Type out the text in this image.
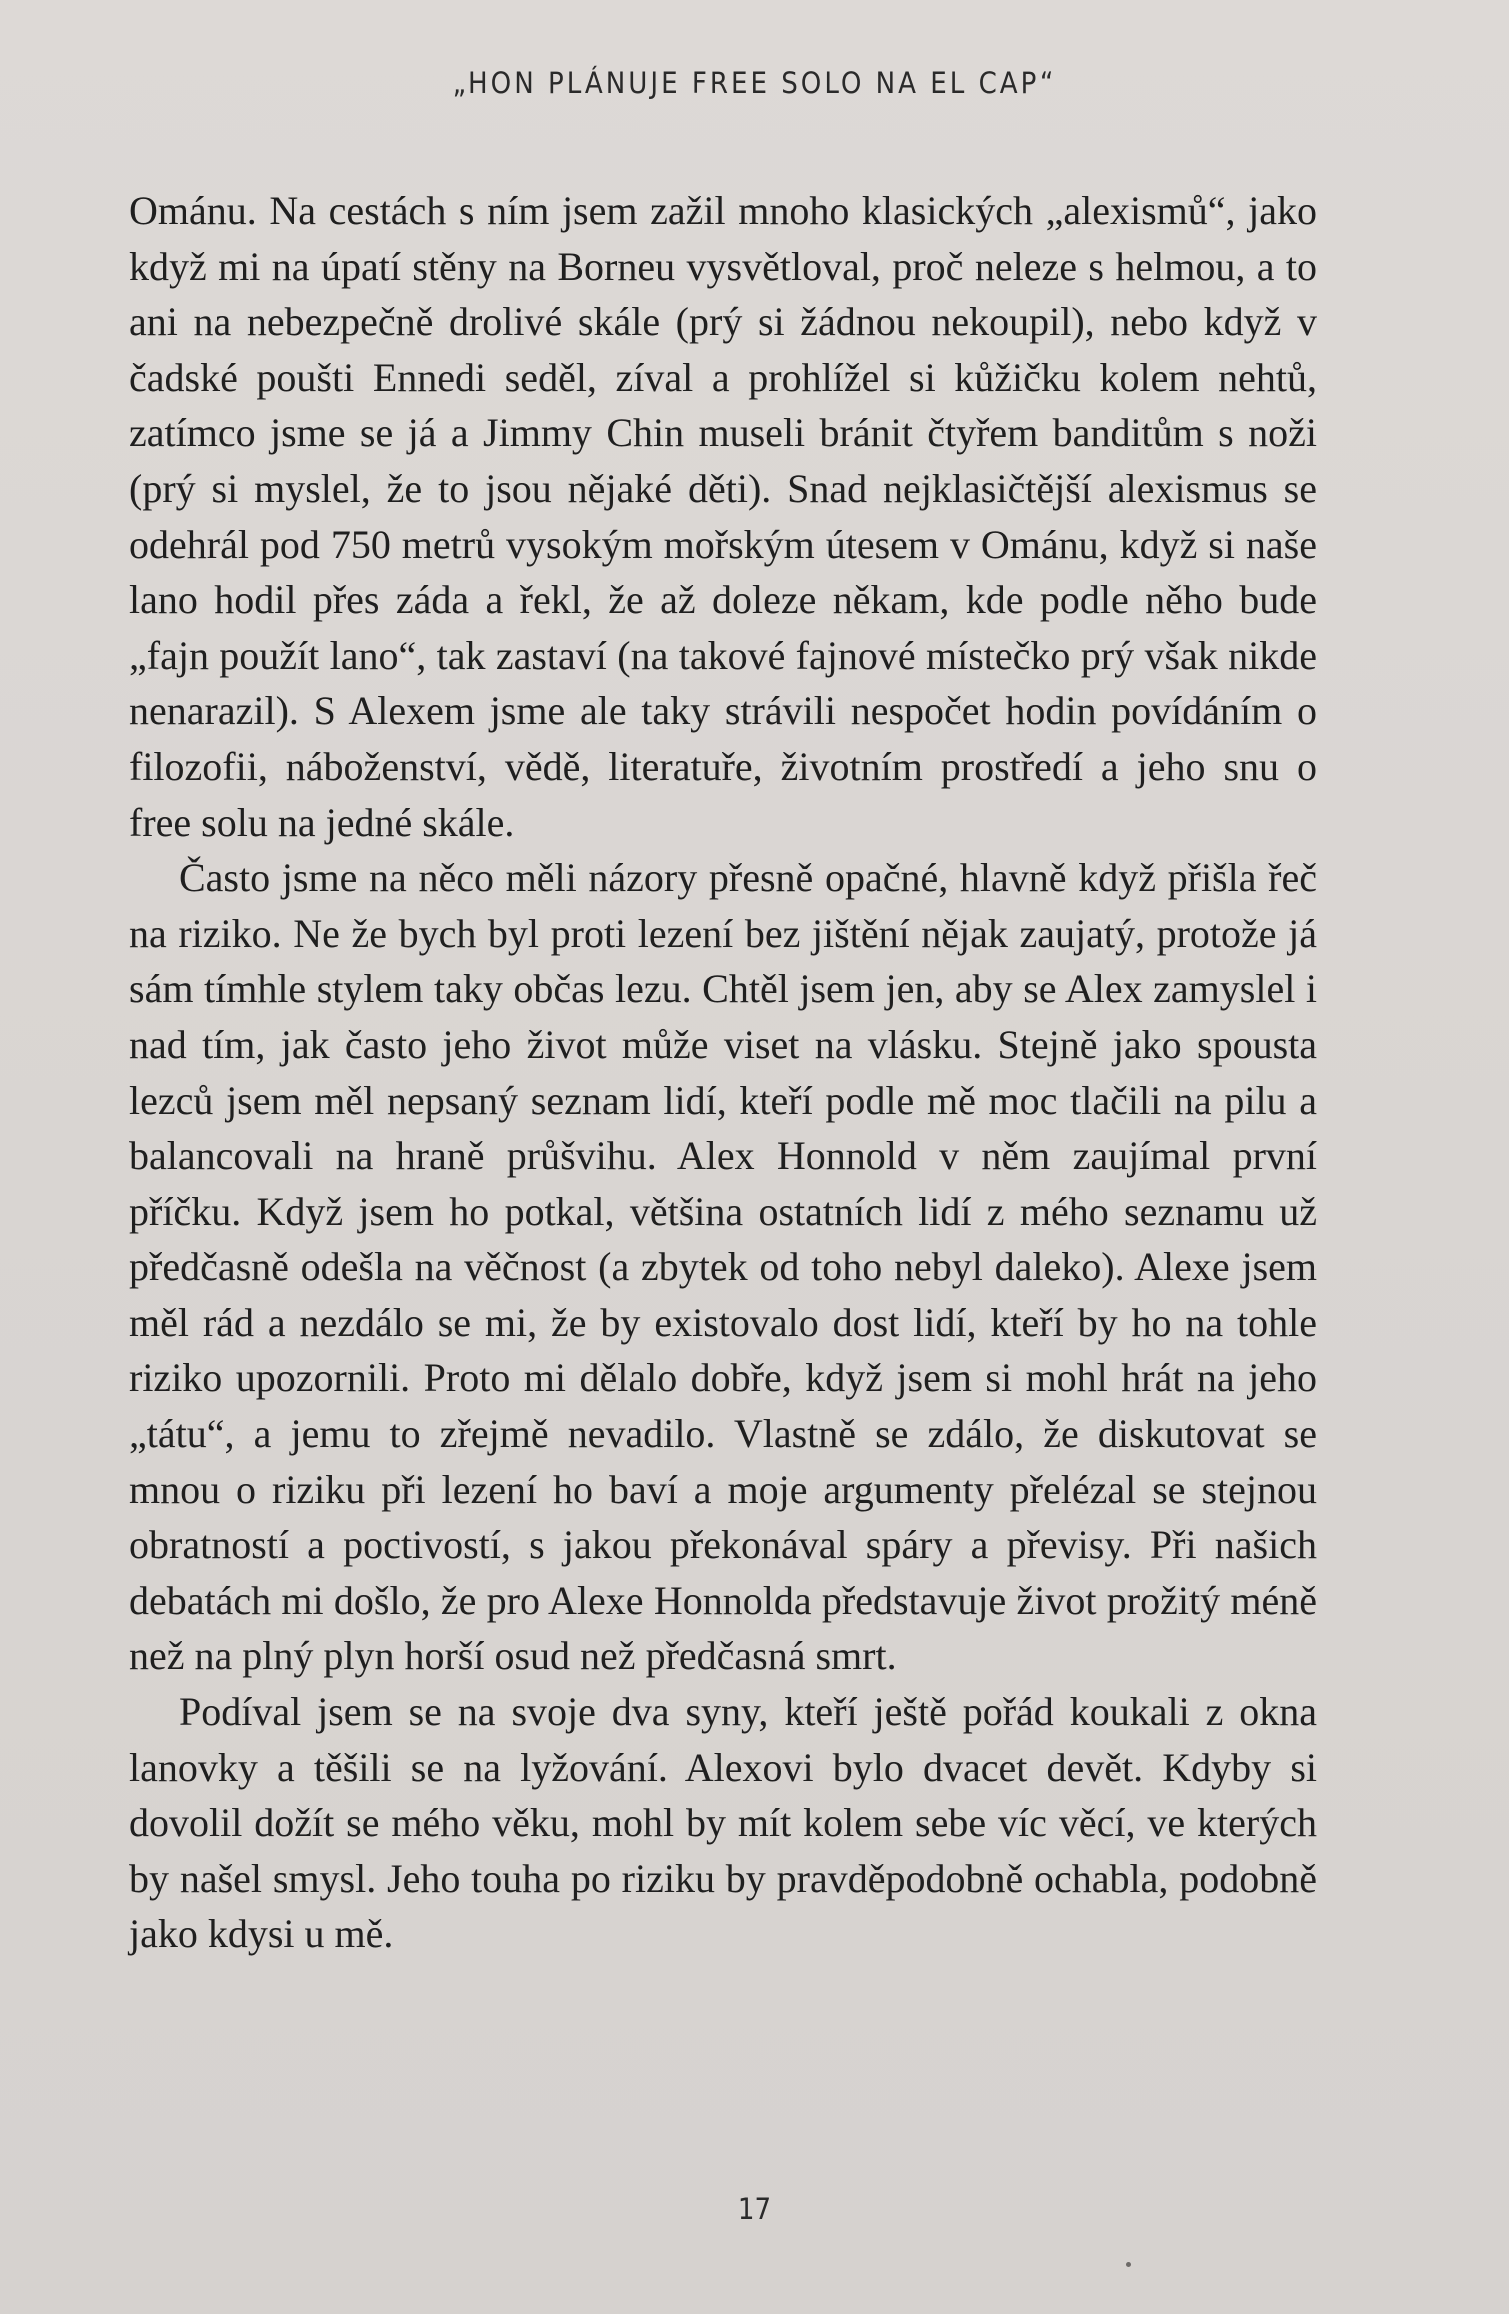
„HON PLÁNUJE FREE SOLO NA EL CAP“

Ománu. Na cestách s ním jsem zažil mnoho klasických „alexismů“, jako když mi na úpatí stěny na Borneu vysvětloval, proč neleze s helmou, a to ani na nebezpečně drolivé skále (prý si žádnou nekoupil), nebo když v čadské poušti Ennedi seděl, zíval a prohlížel si kůžičku kolem nehtů, zatímco jsme se já a Jimmy Chin museli bránit čtyřem banditům s noži (prý si myslel, že to jsou nějaké děti). Snad nejklasičtější alexismus se odehrál pod 750 metrů vysokým mořským útesem v Ománu, když si naše lano hodil přes záda a řekl, že až doleze někam, kde podle něho bude „fajn použít lano“, tak zastaví (na takové fajnové místečko prý však nikde nenarazil). S Alexem jsme ale taky strávili nespočet hodin povídáním o filozofii, náboženství, vědě, literatuře, životním prostředí a jeho snu o free solu na jedné skále.

Často jsme na něco měli názory přesně opačné, hlavně když přišla řeč na riziko. Ne že bych byl proti lezení bez jištění nějak zaujatý, protože já sám tímhle stylem taky občas lezu. Chtěl jsem jen, aby se Alex zamyslel i nad tím, jak často jeho život může viset na vlásku. Stejně jako spousta lezců jsem měl nepsaný seznam lidí, kteří podle mě moc tlačili na pilu a balancovali na hraně průšvihu. Alex Honnold v něm zaujímal první příčku. Když jsem ho potkal, většina ostatních lidí z mého seznamu už předčasně odešla na věčnost (a zbytek od toho nebyl daleko). Alexe jsem měl rád a nezdálo se mi, že by existovalo dost lidí, kteří by ho na tohle riziko upozornili. Proto mi dělalo dobře, když jsem si mohl hrát na jeho „tátu“, a jemu to zřejmě nevadilo. Vlastně se zdálo, že diskutovat se mnou o riziku při lezení ho baví a moje argumenty přelézal se stejnou obratností a poctivostí, s jakou překonával spáry a převisy. Při našich debatách mi došlo, že pro Alexe Honnolda představuje život prožitý méně než na plný plyn horší osud než předčasná smrt.

Podíval jsem se na svoje dva syny, kteří ještě pořád koukali z okna lanovky a těšili se na lyžování. Alexovi bylo dvacet devět. Kdyby si dovolil dožít se mého věku, mohl by mít kolem sebe víc věcí, ve kterých by našel smysl. Jeho touha po riziku by pravděpodobně ochabla, podobně jako kdysi u mě.

17
